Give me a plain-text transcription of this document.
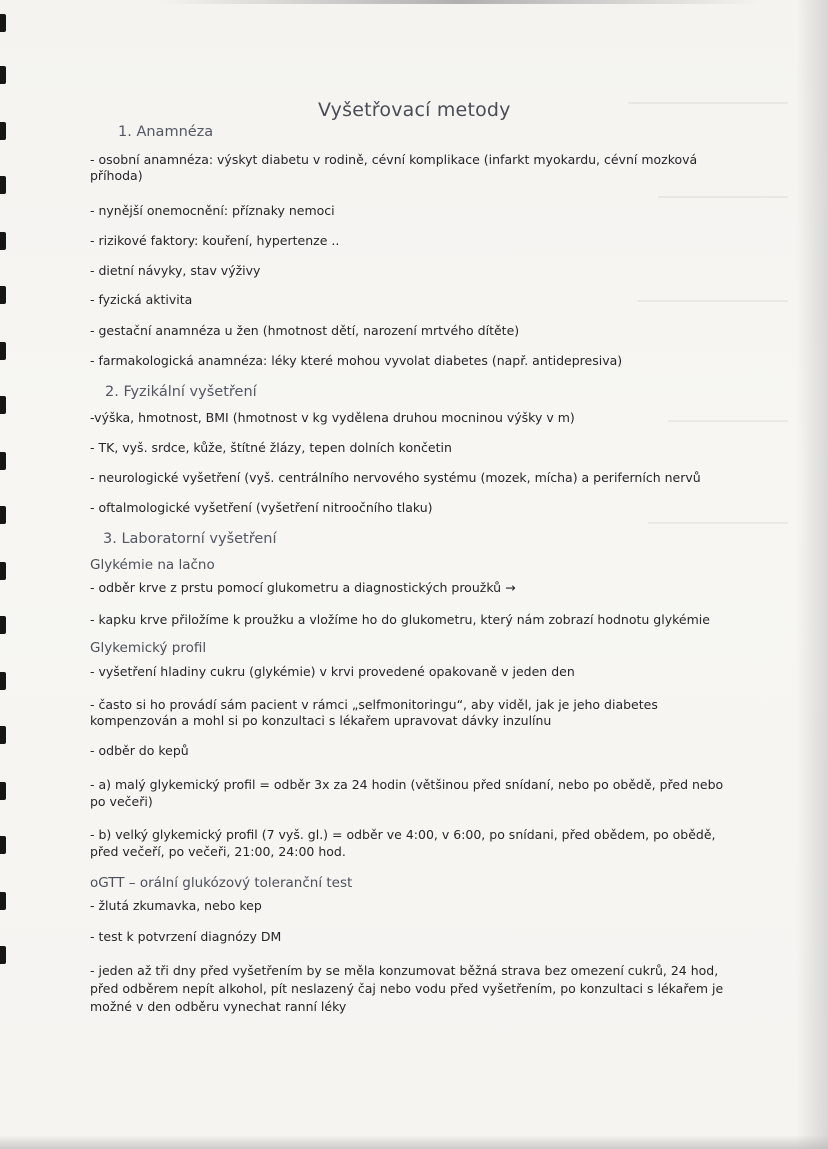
Vyšetřovací metody
1. Anamnéza
- osobní anamnéza: výskyt diabetu v rodině, cévní komplikace (infarkt myokardu, cévní mozková
příhoda)
- nynější onemocnění: příznaky nemoci
- rizikové faktory: kouření, hypertenze ..
- dietní návyky, stav výživy
- fyzická aktivita
- gestační anamnéza u žen (hmotnost dětí, narození mrtvého dítěte)
- farmakologická anamnéza: léky které mohou vyvolat diabetes (např. antidepresiva)
2. Fyzikální vyšetření
-výška, hmotnost, BMI (hmotnost v kg vydělena druhou mocninou výšky v m)
- TK, vyš. srdce, kůže, štítné žlázy, tepen dolních končetin
- neurologické vyšetření (vyš. centrálního nervového systému (mozek, mícha) a periferních nervů
- oftalmologické vyšetření (vyšetření nitroočního tlaku)
3. Laboratorní vyšetření
Glykémie na lačno
- odběr krve z prstu pomocí glukometru a diagnostických proužků →
- kapku krve přiložíme k proužku a vložíme ho do glukometru, který nám zobrazí hodnotu glykémie
Glykemický profil
- vyšetření hladiny cukru (glykémie) v krvi provedené opakovaně v jeden den
- často si ho provádí sám pacient v rámci „selfmonitoringu“, aby viděl, jak je jeho diabetes
kompenzován a mohl si po konzultaci s lékařem upravovat dávky inzulínu
- odběr do kepů
- a) malý glykemický profil = odběr 3x za 24 hodin (většinou před snídaní, nebo po obědě, před nebo
po večeři)
- b) velký glykemický profil (7 vyš. gl.) = odběr ve 4:00, v 6:00, po snídani, před obědem, po obědě,
před večeří, po večeři, 21:00, 24:00 hod.
oGTT – orální glukózový toleranční test
- žlutá zkumavka, nebo kep
- test k potvrzení diagnózy DM
- jeden až tři dny před vyšetřením by se měla konzumovat běžná strava bez omezení cukrů, 24 hod,
před odběrem nepít alkohol, pít neslazený čaj nebo vodu před vyšetřením, po konzultaci s lékařem je
možné v den odběru vynechat ranní léky
